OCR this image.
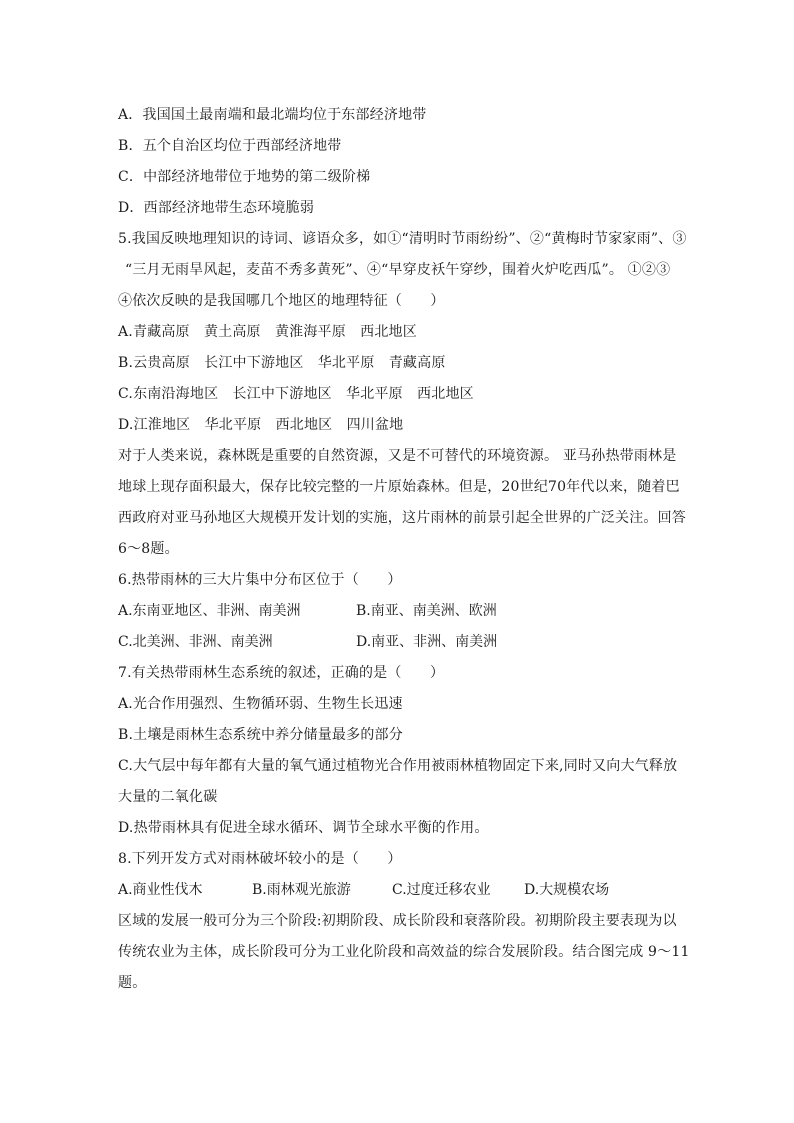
A．我国国土最南端和最北端均位于东部经济地带
B．五个自治区均位于西部经济地带
C．中部经济地带位于地势的第二级阶梯
D．西部经济地带生态环境脆弱
5.我国反映地理知识的诗词、谚语众多，如①“清明时节雨纷纷”、②“黄梅时节家家雨”、③
“三月无雨旱风起，麦苗不秀多黄死”、④“早穿皮袄午穿纱，围着火炉吃西瓜”。 ①②③
④依次反映的是我国哪几个地区的地理特征（　　）
A.青藏高原　黄土高原　黄淮海平原　西北地区
B.云贵高原　长江中下游地区　华北平原　青藏高原
C.东南沿海地区　长江中下游地区　华北平原　西北地区
D.江淮地区　华北平原　西北地区　四川盆地
对于人类来说，森林既是重要的自然资源，又是不可替代的环境资源。 亚马孙热带雨林是
地球上现存面积最大，保存比较完整的一片原始森林。但是，20世纪70年代以来，随着巴
西政府对亚马孙地区大规模开发计划的实施，这片雨林的前景引起全世界的广泛关注。回答
6～8题。
6.热带雨林的三大片集中分布区位于（　　）
A.东南亚地区、非洲、南美洲	B.南亚、南美洲、欧洲
C.北美洲、非洲、南美洲	D.南亚、非洲、南美洲
7.有关热带雨林生态系统的叙述，正确的是（　　）
A.光合作用强烈、生物循环弱、生物生长迅速
B.土壤是雨林生态系统中养分储量最多的部分
C.大气层中每年都有大量的氧气通过植物光合作用被雨林植物固定下来,同时又向大气释放
大量的二氧化碳
D.热带雨林具有促进全球水循环、调节全球水平衡的作用。
8.下列开发方式对雨林破坏较小的是（　　）
A.商业性伐木	B.雨林观光旅游	C.过度迁移农业	D.大规模农场
区域的发展一般可分为三个阶段:初期阶段、成长阶段和衰落阶段。初期阶段主要表现为以
传统农业为主体，成长阶段可分为工业化阶段和高效益的综合发展阶段。结合图完成 9～11
题。
